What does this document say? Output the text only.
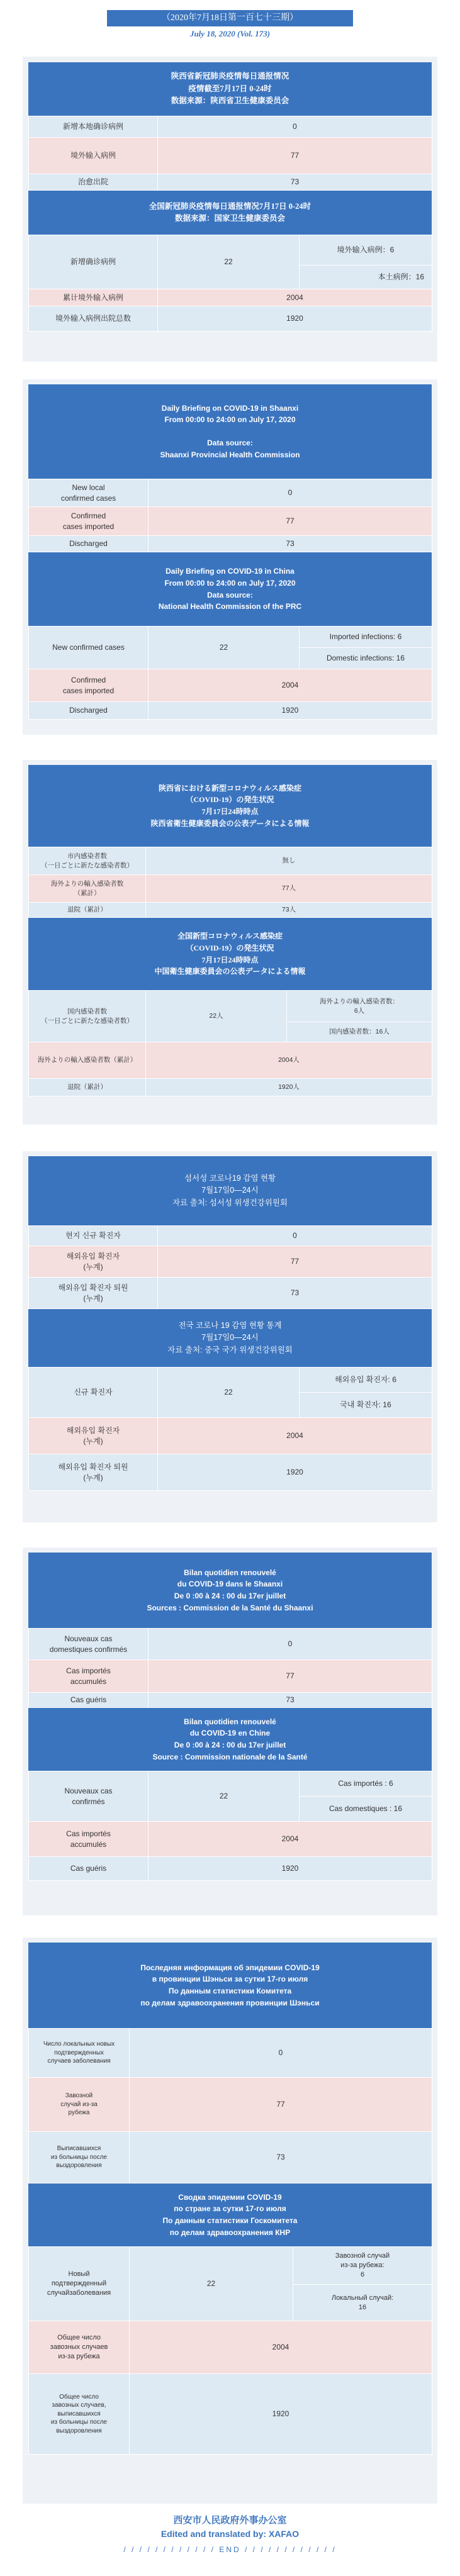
（2020年7月18日第一百七十三期）
July 18, 2020 (Vol. 173)
陕西省新冠肺炎疫情每日通报情况
疫情截至7月17日 0-24时
数据来源：陕西省卫生健康委员会
新增本地确诊病例	0
境外输入病例	77
治愈出院	73
全国新冠肺炎疫情每日通报情况7月17日 0-24时
数据来源：国家卫生健康委员会
新增确诊病例	22	境外输入病例：6
		本土病例：16
累计境外输入病例	2004	
境外输入病例出院总数	1920	
Daily Briefing on COVID-19 in Shaanxi
From 00:00 to 24:00 on July 17, 2020

Data source:
Shaanxi Provincial Health Commission
New local
confirmed cases	0
Confirmed
cases imported	77
Discharged	73
Daily Briefing on COVID-19 in China
From 00:00 to 24:00 on July 17, 2020
Data source:
National Health Commission of the PRC
New confirmed cases	22	Imported infections: 6
		Domestic infections: 16
Confirmed
cases imported	2004	
Discharged	1920	
陕西省における新型コロナウィルス感染症
（COVID-19）の発生状況
7月17日24時時点
陕西省衛生健康委員会の公表データによる情報
市内感染者数
（一日ごとに新たな感染者数）	無し
海外よりの輸入感染者数
（累計）	77人
退院（累計）	73人
全国新型コロナウィルス感染症
（COVID-19）の発生状況
7月17日24時時点
中国衛生健康委員会の公表データによる情報
国内感染者数
（一日ごとに新たな感染者数）	22人	海外よりの輸入感染者数：
6人
		国内感染者数：16人
海外よりの輸入感染者数（累計）	2004人	
退院（累計）	1920人	
섬서성 코로나19 감염 현황
7월17일0—24시
자료 출처: 섬서성 위생건강위원회
현지 신규 확진자	0
해외유입 확진자
(누계)	77
해외유입 확진자 퇴원
(누계)	73
전국 코로나 19 감염 현황 통계
7월17일0—24시
자료 출처: 중국 국가 위생건강위원회
신규 확진자	22	해외유입 확진자: 6
		국내 확진자: 16
해외유입 확진자
(누계)	2004	
해외유입 확진자 퇴원
(누계)	1920	
Bilan quotidien renouvelé
du COVID-19 dans le Shaanxi
De 0 :00 à 24 : 00 du 17er juillet
Sources : Commission de la Santé du Shaanxi
Nouveaux cas
domestiques confirmés	0
Cas importés
accumulés	77
Cas guéris	73
Bilan quotidien renouvelé
du COVID-19 en Chine
De 0 :00 à 24 : 00 du 17er juillet
Source : Commission nationale de la Santé
Nouveaux cas
confirmés	22	Cas importés : 6
		Cas domestiques : 16
Cas importés
accumulés	2004	
Cas guéris	1920	
Последняя информация об эпидемии COVID-19
в провинции Шэньси за сутки 17-го июля
По данным статистики Комитета
по делам здравоохранения провинции Шэньси
Число локальных новых
подтвержденных
случаев заболевания	0
Завозной
случай из-за
рубежа	77
Выписавшихся
из больницы после
выздоровления	73
Сводка эпидемии COVID-19
по стране за сутки 17-го июля
По данным статистики Госкомитета
по делам здравоохранения КНР
Новый
подтвержденный
случайзаболевания	22	Завозной случай
из-за рубежа:
6
		Локальный случай:
16
Общее число
завозных случаев
из-за рубежа	2004	
Общее число
завозных случаев,
выписавшихся
из больницы после
выздоровления	1920	
西安市人民政府外事办公室
Edited and translated by: XAFAO
/ / / / / / / / / / / / END / / / / / / / / / / / /
